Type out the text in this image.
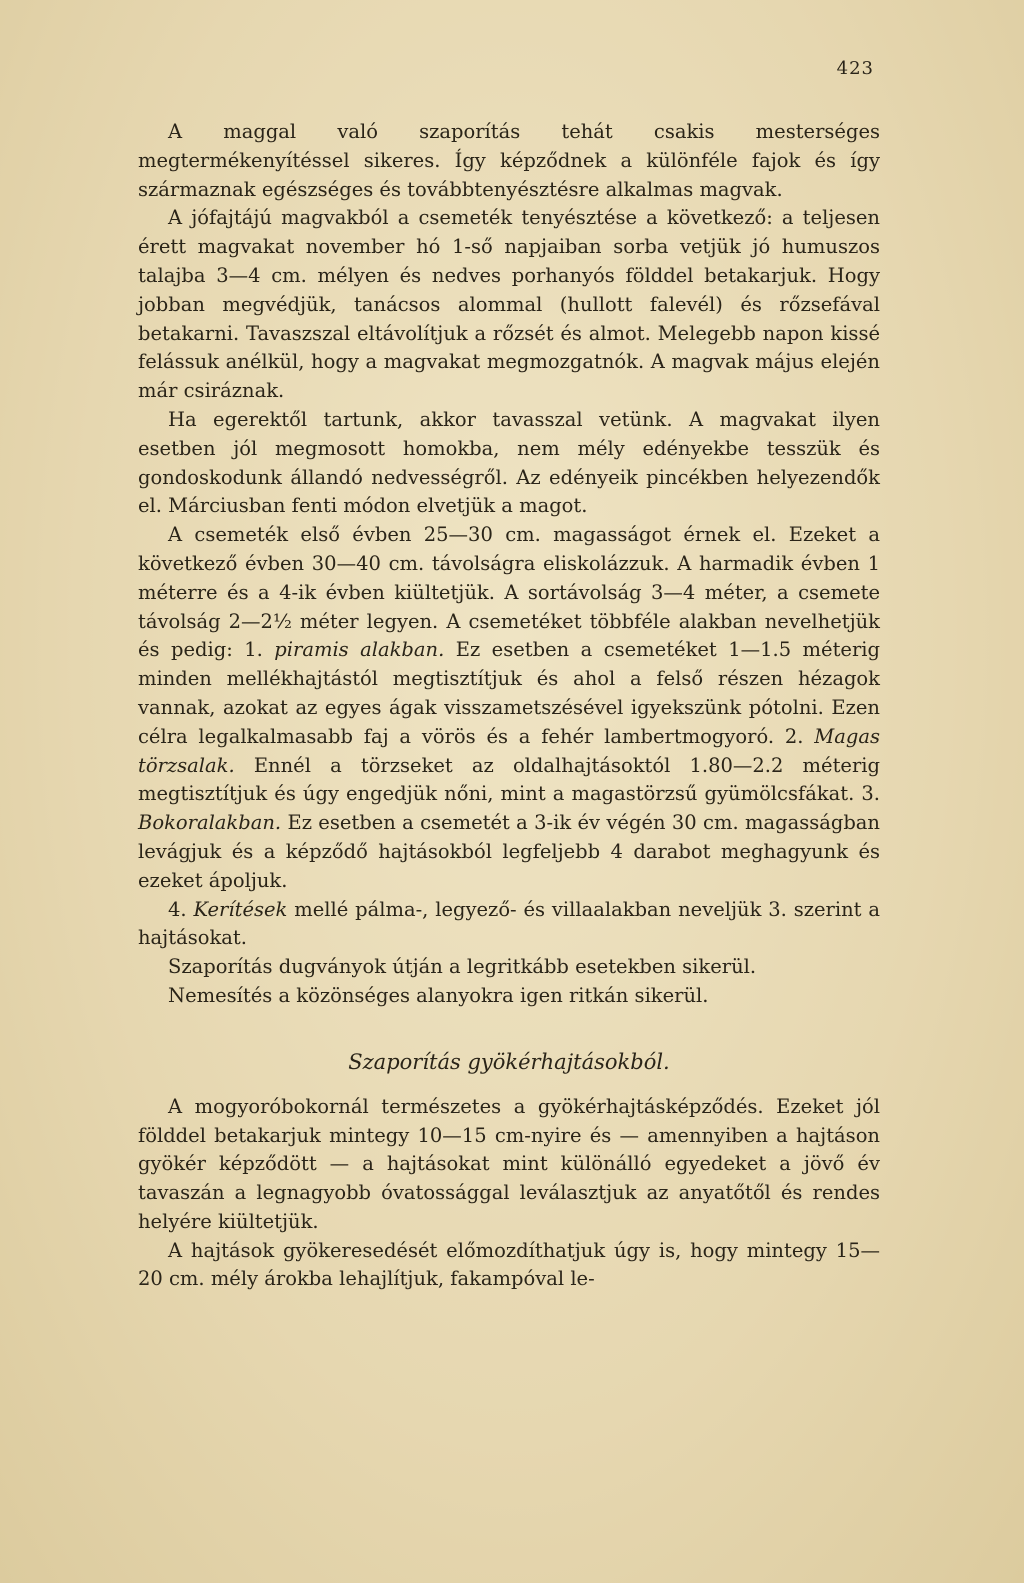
423

A maggal való szaporítás tehát csakis mesterséges megtermékenyítéssel sikeres. Így képződnek a különféle fajok és így származnak egészséges és továbbtenyésztésre alkalmas magvak.

A jófajtájú magvakból a csemeték tenyésztése a következő: a teljesen érett magvakat november hó 1-ső napjaiban sorba vetjük jó humuszos talajba 3—4 cm. mélyen és nedves porhanyós földdel betakarjuk. Hogy jobban megvédjük, tanácsos alommal (hullott falevél) és rőzsefával betakarni. Tavaszszal eltávolítjuk a rőzsét és almot. Melegebb napon kissé felássuk anélkül, hogy a magvakat megmozgatnók. A magvak május elején már csiráznak.

Ha egerektől tartunk, akkor tavasszal vetünk. A magvakat ilyen esetben jól megmosott homokba, nem mély edényekbe tesszük és gondoskodunk állandó nedvességről. Az edényeik pincékben helyezendők el. Márciusban fenti módon elvetjük a magot.

A csemeték első évben 25—30 cm. magasságot érnek el. Ezeket a következő évben 30—40 cm. távolságra eliskolázzuk. A harmadik évben 1 méterre és a 4-ik évben kiültetjük. A sortávolság 3—4 méter, a csemete távolság 2—2½ méter legyen. A csemetéket többféle alakban nevelhetjük és pedig: 1. piramis alakban. Ez esetben a csemetéket 1—1.5 méterig minden mellékhajtástól megtisztítjuk és ahol a felső részen hézagok vannak, azokat az egyes ágak visszametszésével igyekszünk pótolni. Ezen célra legalkalmasabb faj a vörös és a fehér lambertmogyoró. 2. Magas törzsalak. Ennél a törzseket az oldalhajtásoktól 1.80—2.2 méterig megtisztítjuk és úgy engedjük nőni, mint a magastörzsű gyümölcsfákat. 3. Bokoralakban. Ez esetben a csemetét a 3-ik év végén 30 cm. magasságban levágjuk és a képződő hajtásokból legfeljebb 4 darabot meghagyunk és ezeket ápoljuk.

4. Kerítések mellé pálma-, legyező- és villaalakban neveljük 3. szerint a hajtásokat.

Szaporítás dugványok útján a legritkább esetekben sikerül.

Nemesítés a közönséges alanyokra igen ritkán sikerül.

Szaporítás gyökérhajtásokból.

A mogyoróbokornál természetes a gyökérhajtásképződés. Ezeket jól földdel betakarjuk mintegy 10—15 cm-nyire és — amennyiben a hajtáson gyökér képződött — a hajtásokat mint különálló egyedeket a jövő év tavaszán a legnagyobb óvatossággal leválasztjuk az anyatőtől és rendes helyére kiültetjük.

A hajtások gyökeresedését előmozdíthatjuk úgy is, hogy mintegy 15—20 cm. mély árokba lehajlítjuk, fakampóval le-
